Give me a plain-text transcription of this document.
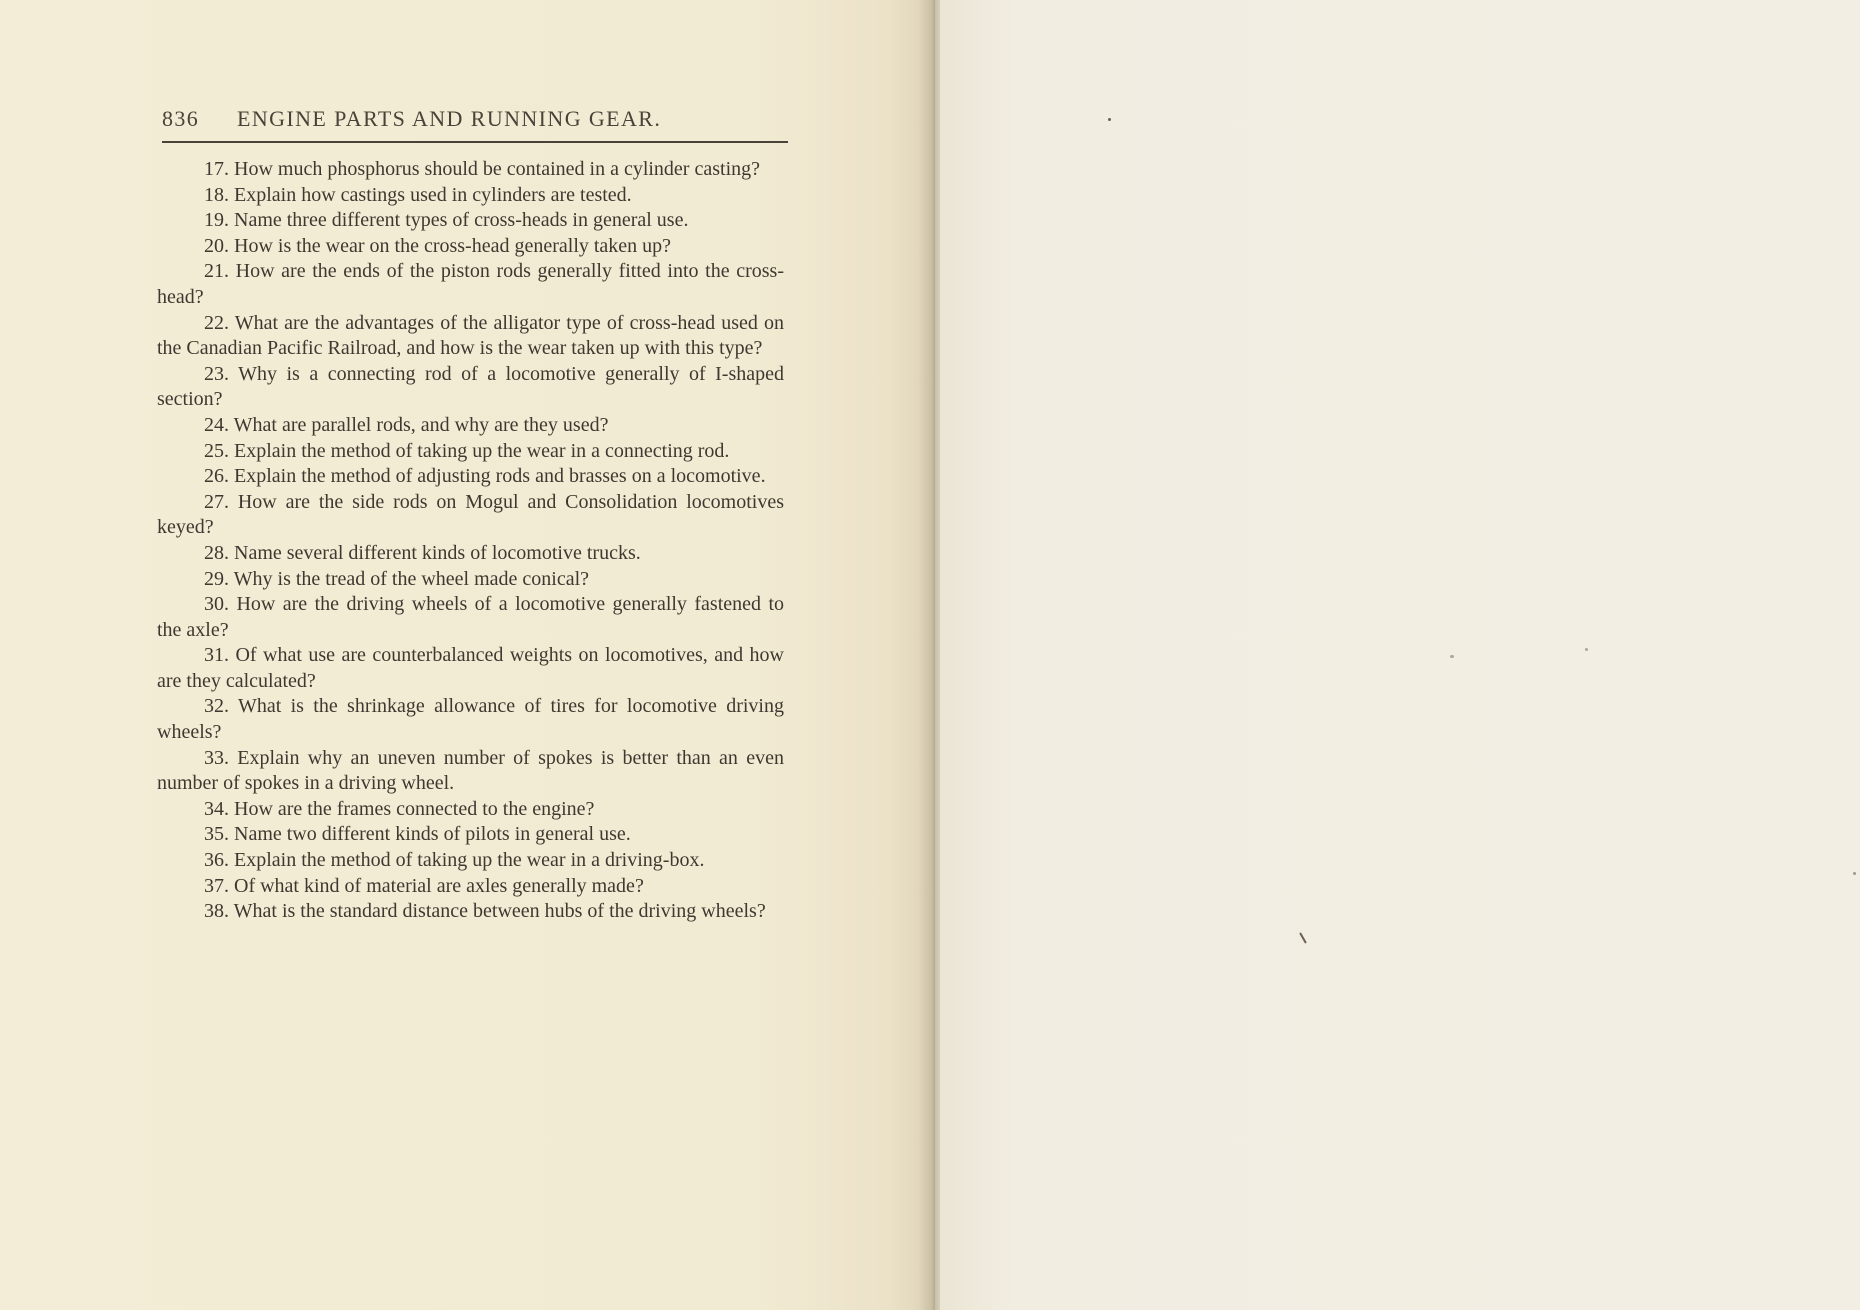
836	ENGINE PARTS AND RUNNING GEAR.

17. How much phosphorus should be contained in a cylinder casting?

18. Explain how castings used in cylinders are tested.

19. Name three different types of cross-heads in general use.

20. How is the wear on the cross-head generally taken up?

21. How are the ends of the piston rods generally fitted into the cross-head?

22. What are the advantages of the alligator type of cross-head used on the Canadian Pacific Railroad, and how is the wear taken up with this type?

23. Why is a connecting rod of a locomotive generally of I-shaped section?

24. What are parallel rods, and why are they used?

25. Explain the method of taking up the wear in a connecting rod.

26. Explain the method of adjusting rods and brasses on a locomotive.

27. How are the side rods on Mogul and Consolidation locomotives keyed?

28. Name several different kinds of locomotive trucks.

29. Why is the tread of the wheel made conical?

30. How are the driving wheels of a locomotive generally fastened to the axle?

31. Of what use are counterbalanced weights on locomotives, and how are they calculated?

32. What is the shrinkage allowance of tires for locomotive driving wheels?

33. Explain why an uneven number of spokes is better than an even number of spokes in a driving wheel.

34. How are the frames connected to the engine?

35. Name two different kinds of pilots in general use.

36. Explain the method of taking up the wear in a driving-box.

37. Of what kind of material are axles generally made?

38. What is the standard distance between hubs of the driving wheels?
